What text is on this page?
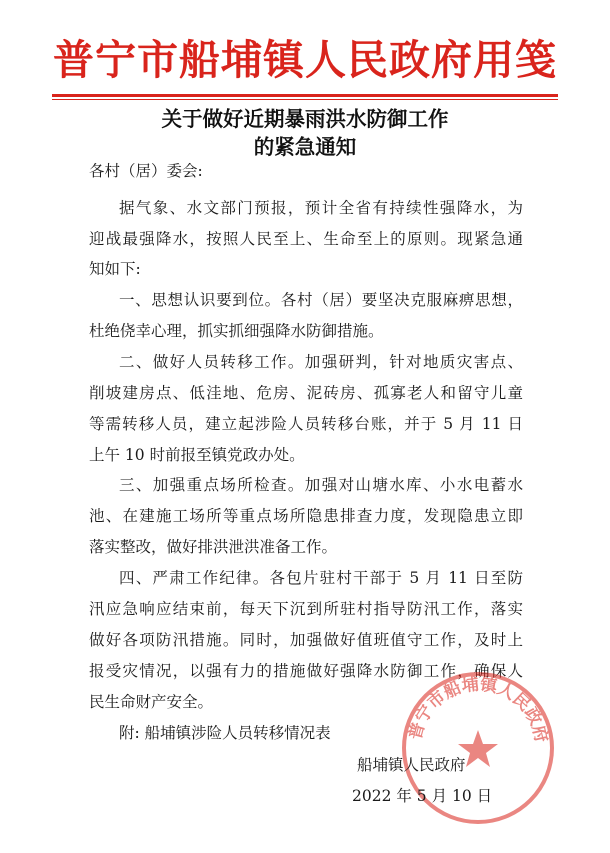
普宁市船埔镇人民政府用笺
关于做好近期暴雨洪水防御工作
的紧急通知
各村（居）委会:
据气象、水文部门预报，预计全省有持续性强降水，为
迎战最强降水，按照人民至上、生命至上的原则。现紧急通
知如下:
一、思想认识要到位。各村（居）要坚决克服麻痹思想，
杜绝侥幸心理，抓实抓细强降水防御措施。
二、做好人员转移工作。加强研判，针对地质灾害点、
削坡建房点、低洼地、危房、泥砖房、孤寡老人和留守儿童
等需转移人员，建立起涉险人员转移台账，并于 5 月 11 日
上午 10 时前报至镇党政办处。
三、加强重点场所检查。加强对山塘水库、小水电蓄水
池、在建施工场所等重点场所隐患排查力度，发现隐患立即
落实整改，做好排洪泄洪准备工作。
四、严肃工作纪律。各包片驻村干部于 5 月 11 日至防
汛应急响应结束前，每天下沉到所驻村指导防汛工作，落实
做好各项防汛措施。同时，加强做好值班值守工作，及时上
报受灾情况，以强有力的措施做好强降水防御工作，确保人
民生命财产安全。
附: 船埔镇涉险人员转移情况表	普宁市船埔镇人民政府
船埔镇人民政府
2022 年 5 月 10 日
